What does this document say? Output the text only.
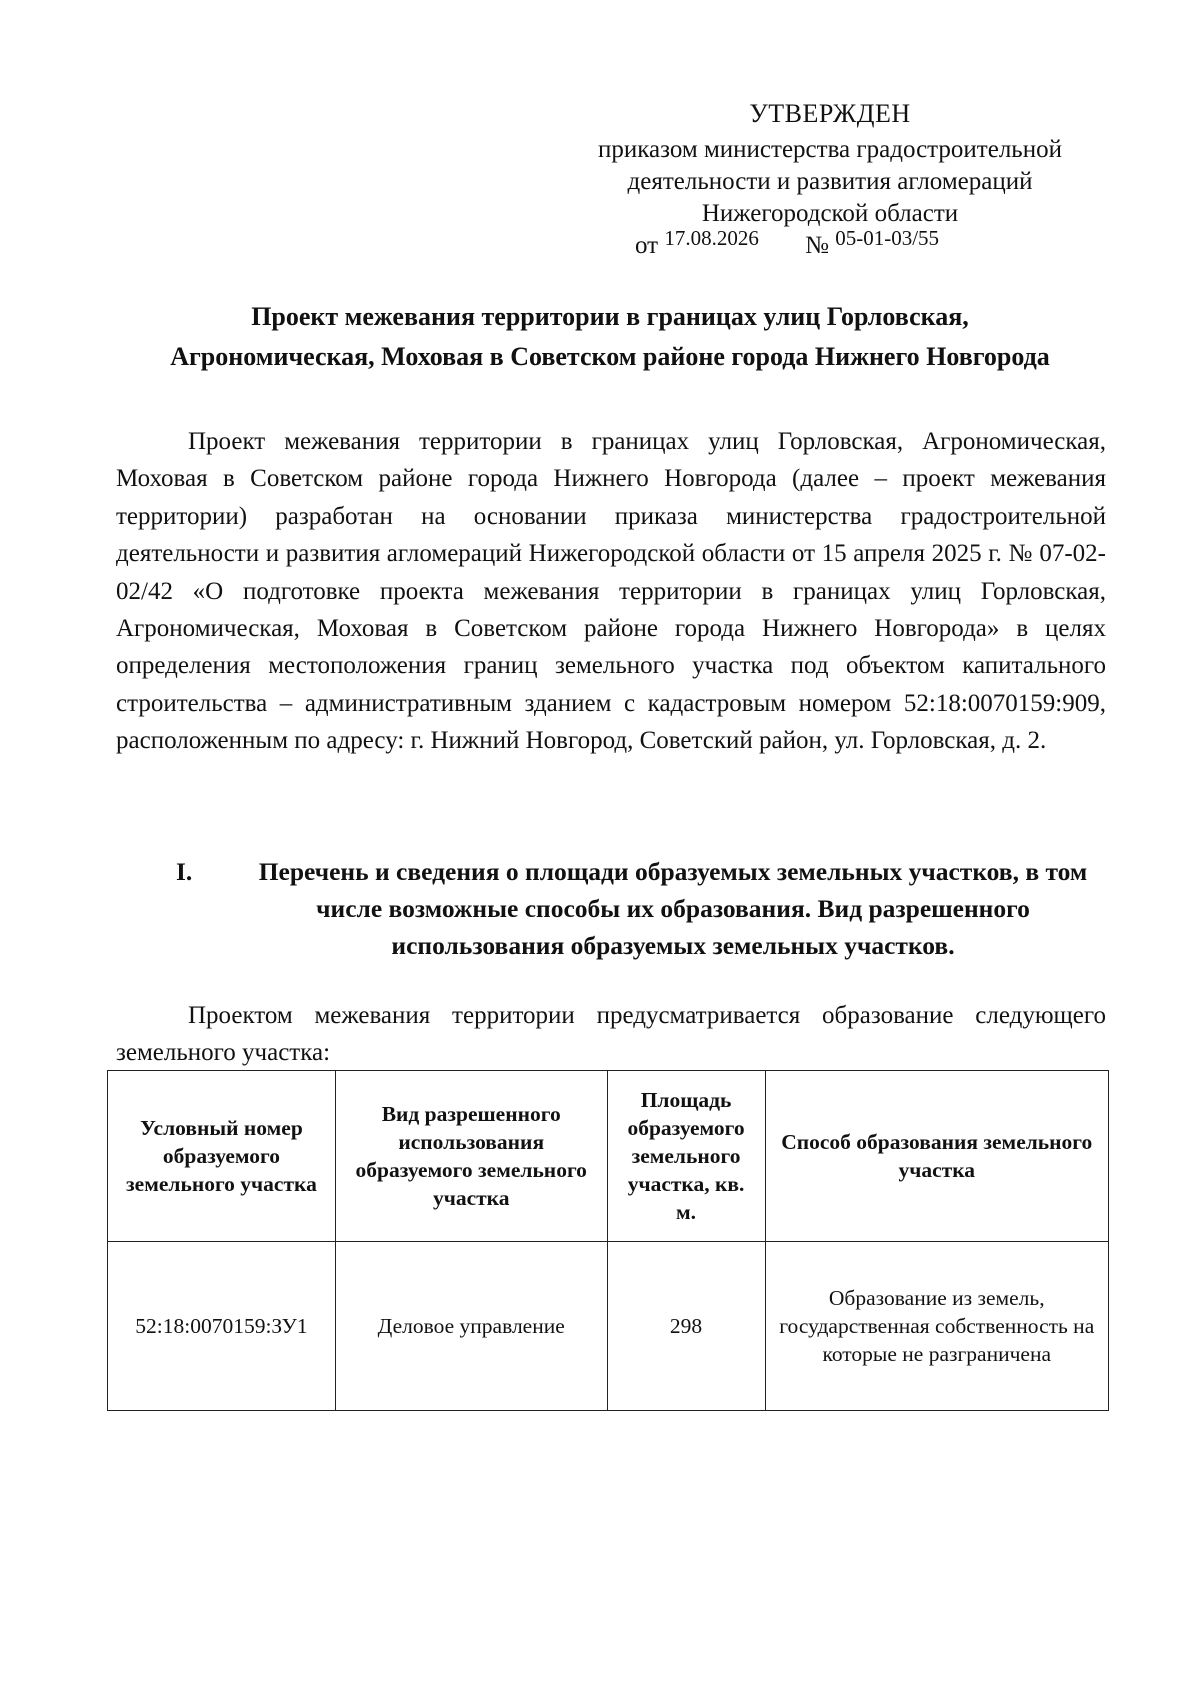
УТВЕРЖДЕН
приказом министерства градостроительной
деятельности и развития агломераций
Нижегородской области
от $^{17.08.2026}$ № $^{05-01-03/55}$
Проект межевания территории в границах улиц Горловская,
Агрономическая, Моховая в Советском районе города Нижнего Новгорода
Проект межевания территории в границах улиц Горловская, Агрономическая, Моховая в Советском районе города Нижнего Новгорода (далее – проект межевания территории) разработан на основании приказа министерства градостроительной деятельности и развития агломераций Нижегородской области от 15 апреля 2025 г. № 07-02-02/42 «О подготовке проекта межевания территории в границах улиц Горловская, Агрономическая, Моховая в Советском районе города Нижнего Новгорода» в целях определения местоположения границ земельного участка под объектом капитального строительства – административным зданием с кадастровым номером 52:18:0070159:909, расположенным по адресу: г. Нижний Новгород, Советский район, ул. Горловская, д. 2.
I.	Перечень и сведения о площади образуемых земельных участков, в том числе возможные способы их образования. Вид разрешенного использования образуемых земельных участков.
Проектом межевания территории предусматривается образование следующего земельного участка:
Условный номер образуемого земельного участка	Вид разрешенного использования образуемого земельного участка	Площадь образуемого земельного участка, кв. м.	Способ образования земельного участка
52:18:0070159:ЗУ1	Деловое управление	298	Образование из земель, государственная собственность на которые не разграничена
